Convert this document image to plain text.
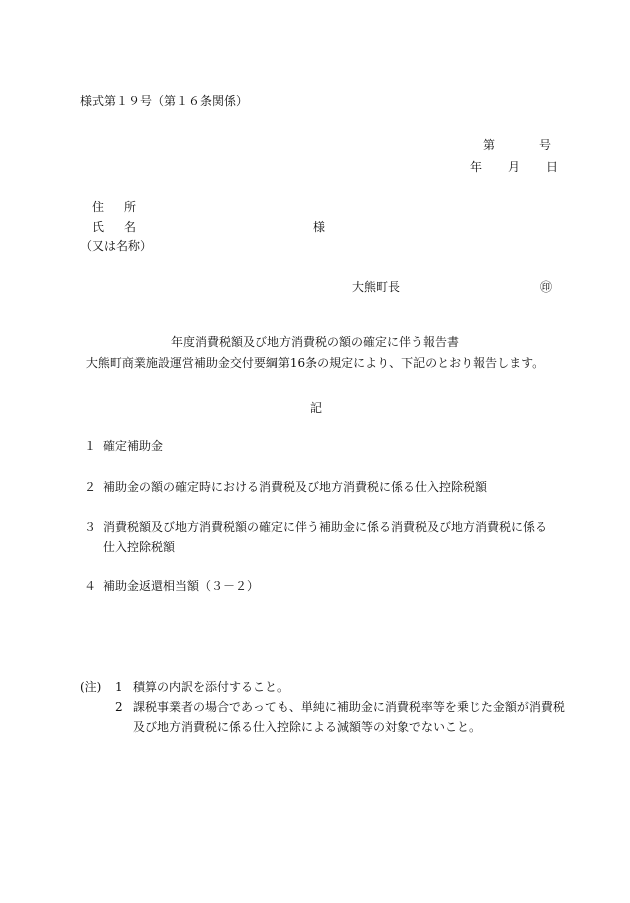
様式第１９号（第１６条関係）
第	号
年 月 日
住所
氏名	様
（又は名称）
大熊町長	㊞
年度消費税額及び地方消費税の額の確定に伴う報告書
大熊町商業施設運営補助金交付要綱第16条の規定により、下記のとおり報告します。
記
１ 確定補助金
２ 補助金の額の確定時における消費税及び地方消費税に係る仕入控除税額
３ 消費税額及び地方消費税額の確定に伴う補助金に係る消費税及び地方消費税に係る
仕入控除税額
４ 補助金返還相当額（３－２）
(注) 1 積算の内訳を添付すること。
2 課税事業者の場合であっても、単純に補助金に消費税率等を乗じた金額が消費税
及び地方消費税に係る仕入控除による減額等の対象でないこと。
